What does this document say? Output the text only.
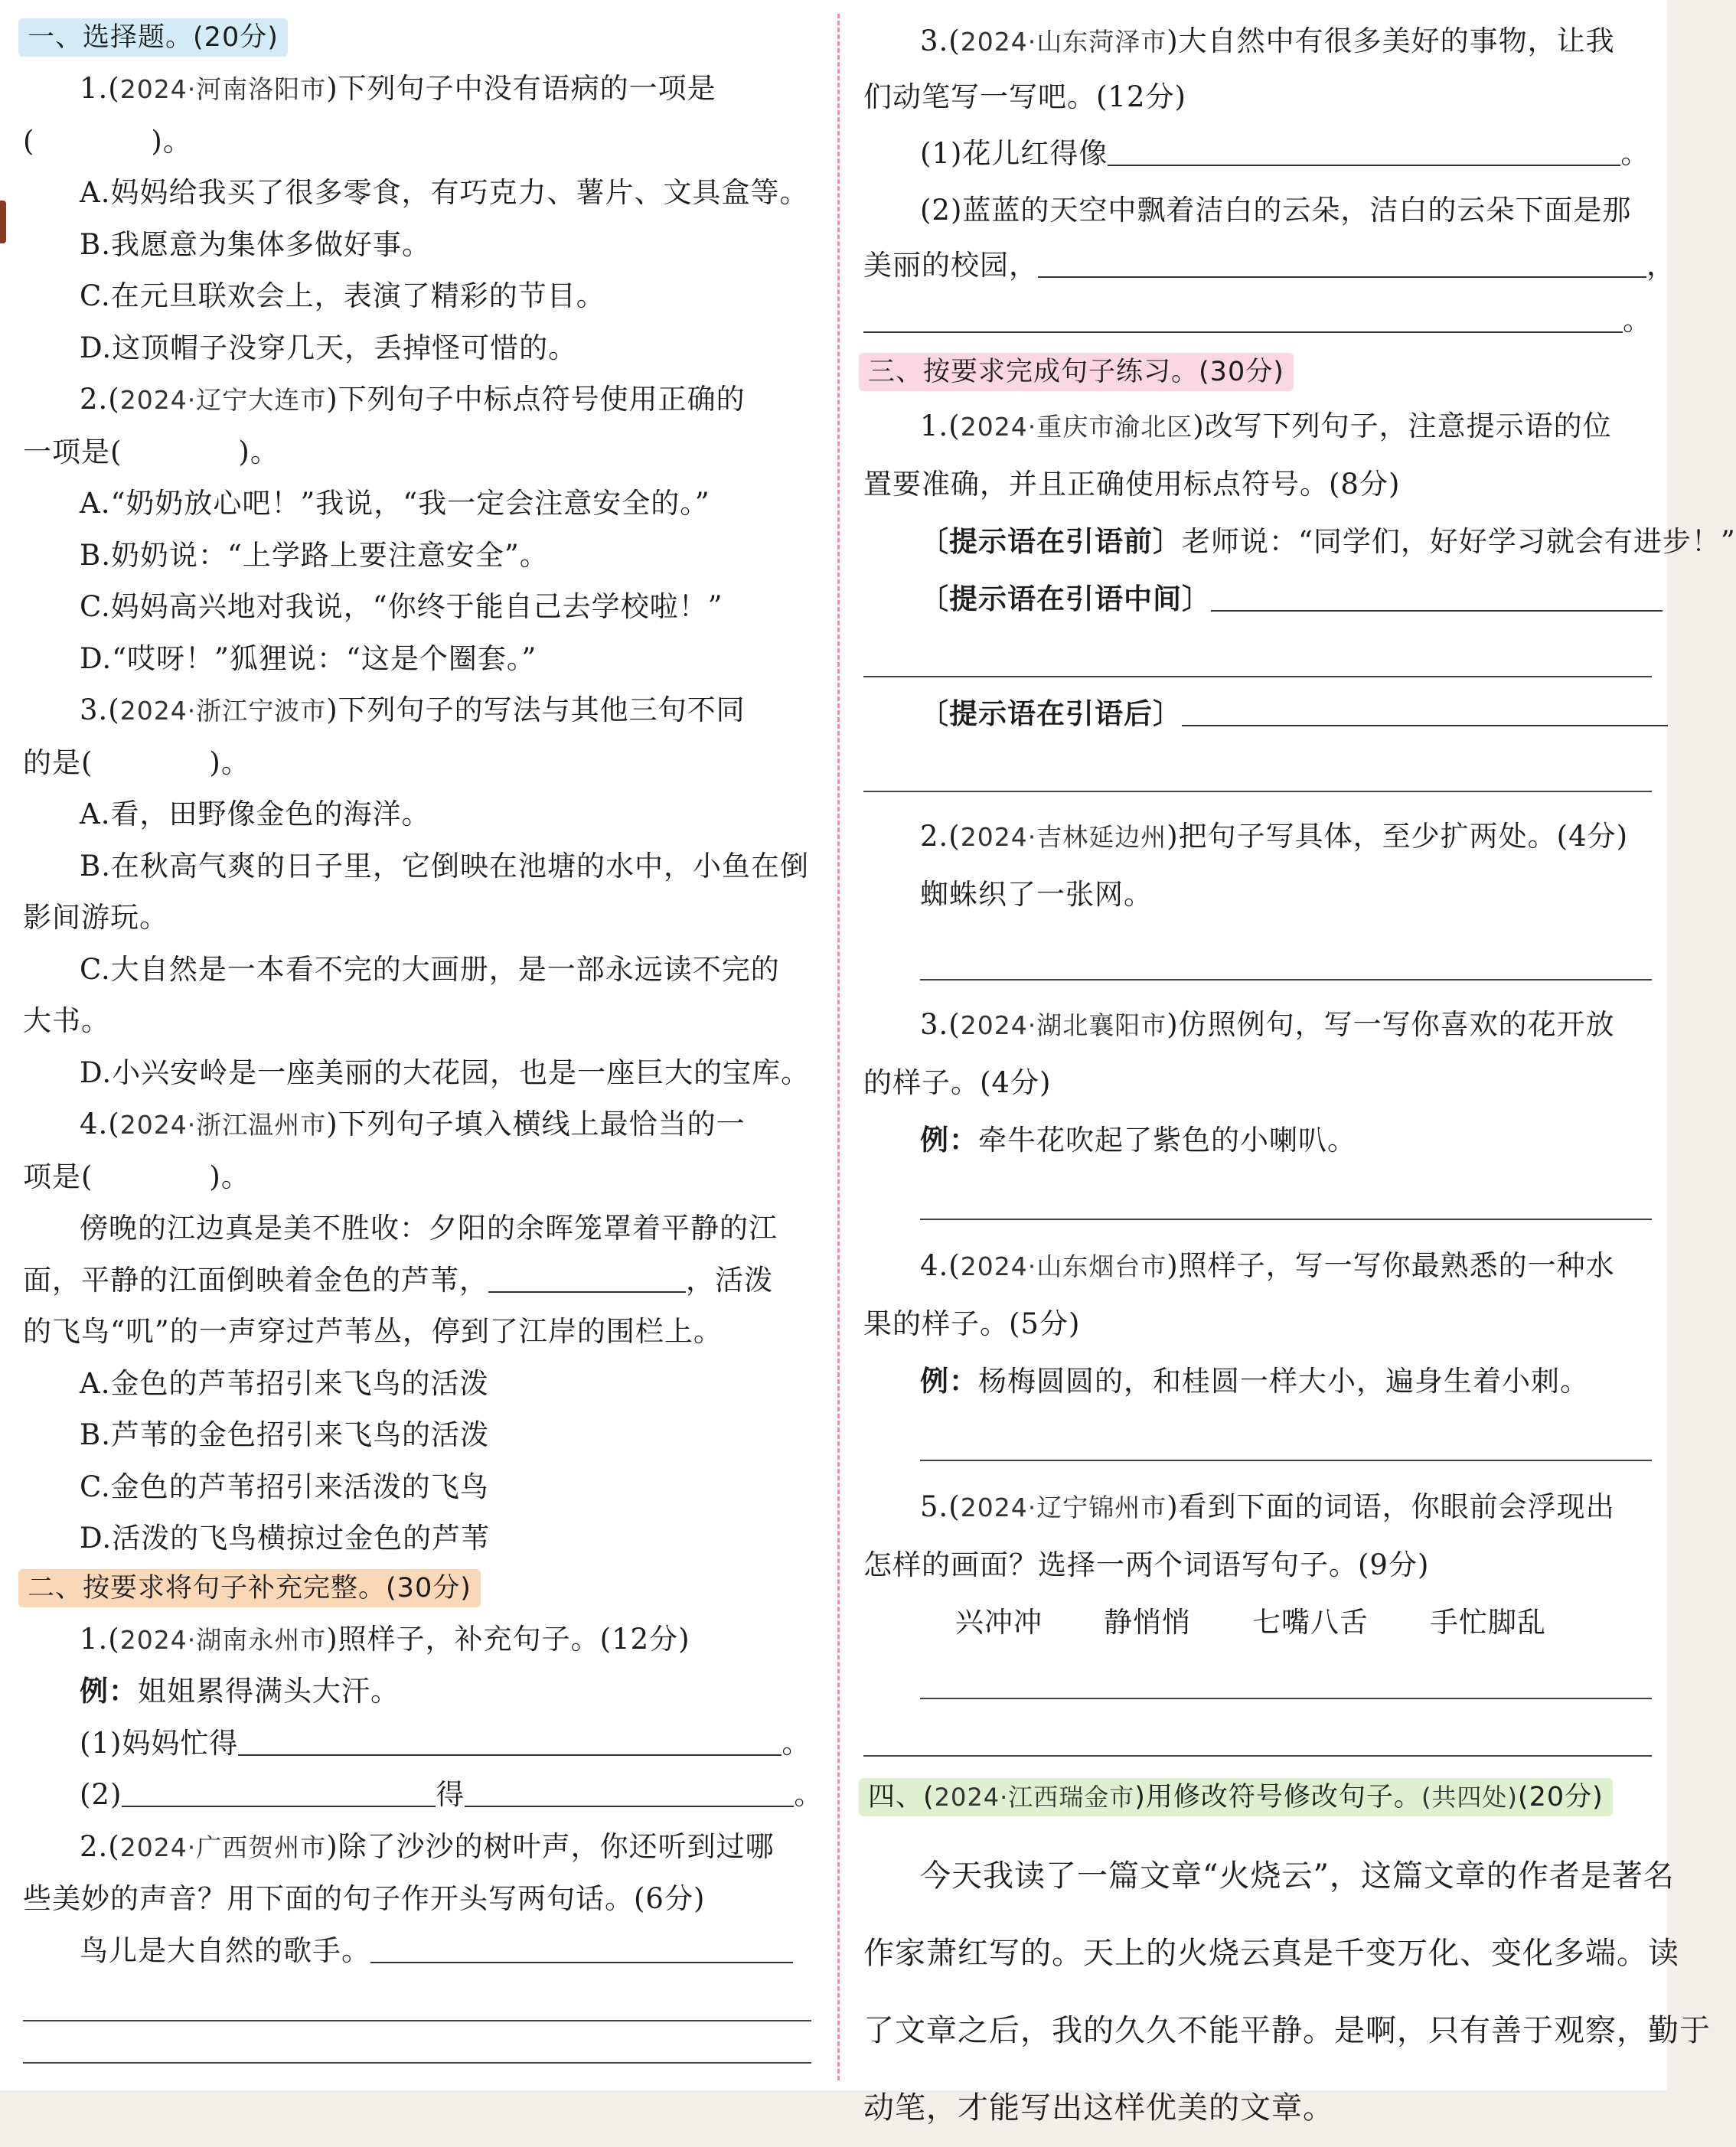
一、选择题。(20分)
1.(2024·河南洛阳市)下列句子中没有语病的一项是
(　　　　)。
A.妈妈给我买了很多零食，有巧克力、薯片、文具盒等。
B.我愿意为集体多做好事。
C.在元旦联欢会上，表演了精彩的节目。
D.这顶帽子没穿几天，丢掉怪可惜的。
2.(2024·辽宁大连市)下列句子中标点符号使用正确的
一项是(　　　　)。
A.“奶奶放心吧！”我说，“我一定会注意安全的。”
B.奶奶说：“上学路上要注意安全”。
C.妈妈高兴地对我说，“你终于能自己去学校啦！”
D.“哎呀！”狐狸说：“这是个圈套。”
3.(2024·浙江宁波市)下列句子的写法与其他三句不同
的是(　　　　)。
A.看，田野像金色的海洋。
B.在秋高气爽的日子里，它倒映在池塘的水中，小鱼在倒
影间游玩。
C.大自然是一本看不完的大画册，是一部永远读不完的
大书。
D.小兴安岭是一座美丽的大花园，也是一座巨大的宝库。
4.(2024·浙江温州市)下列句子填入横线上最恰当的一
项是(　　　　)。
傍晚的江边真是美不胜收：夕阳的余晖笼罩着平静的江
面，平静的江面倒映着金色的芦苇，	，活泼
的飞鸟“叽”的一声穿过芦苇丛，停到了江岸的围栏上。
A.金色的芦苇招引来飞鸟的活泼
B.芦苇的金色招引来飞鸟的活泼
C.金色的芦苇招引来活泼的飞鸟
D.活泼的飞鸟横掠过金色的芦苇
二、按要求将句子补充完整。(30分)
1.(2024·湖南永州市)照样子，补充句子。(12分)
例：姐姐累得满头大汗。
(1)妈妈忙得	。
(2)	得	。
2.(2024·广西贺州市)除了沙沙的树叶声，你还听到过哪
些美妙的声音？用下面的句子作开头写两句话。(6分)
鸟儿是大自然的歌手。
3.(2024·山东菏泽市)大自然中有很多美好的事物，让我
们动笔写一写吧。(12分)
(1)花儿红得像	。
(2)蓝蓝的天空中飘着洁白的云朵，洁白的云朵下面是那
美丽的校园，	，
。
三、按要求完成句子练习。(30分)
1.(2024·重庆市渝北区)改写下列句子，注意提示语的位
置要准确，并且正确使用标点符号。(8分)
〔提示语在引语前〕老师说：“同学们，好好学习就会有进步！”
〔提示语在引语中间〕
〔提示语在引语后〕
2.(2024·吉林延边州)把句子写具体，至少扩两处。(4分)
蜘蛛织了一张网。
3.(2024·湖北襄阳市)仿照例句，写一写你喜欢的花开放
的样子。(4分)
例：牵牛花吹起了紫色的小喇叭。
4.(2024·山东烟台市)照样子，写一写你最熟悉的一种水
果的样子。(5分)
例：杨梅圆圆的，和桂圆一样大小，遍身生着小刺。
5.(2024·辽宁锦州市)看到下面的词语，你眼前会浮现出
怎样的画面？选择一两个词语写句子。(9分)
兴冲冲 静悄悄 七嘴八舌 手忙脚乱
四、(2024·江西瑞金市)用修改符号修改句子。(共四处)(20分)
今天我读了一篇文章“火烧云”，这篇文章的作者是著名
作家萧红写的。天上的火烧云真是千变万化、变化多端。读
了文章之后，我的久久不能平静。是啊，只有善于观察，勤于
动笔，才能写出这样优美的文章。
